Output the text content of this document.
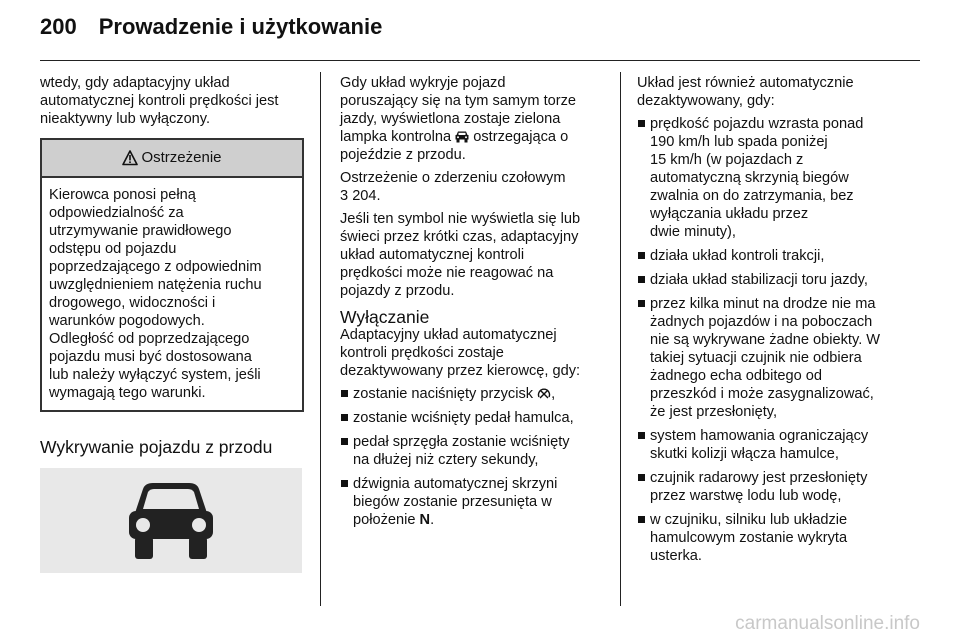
200 Prowadzenie i użytkowanie
wtedy, gdy adaptacyjny układ
automatycznej kontroli prędkości jest
nieaktywny lub wyłączony.
Ostrzeżenie
Kierowca ponosi pełną
odpowiedzialność za
utrzymywanie prawidłowego
odstępu od pojazdu
poprzedzającego z odpowiednim
uwzględnieniem natężenia ruchu
drogowego, widoczności i
warunków pogodowych.
Odległość od poprzedzającego
pojazdu musi być dostosowana
lub należy wyłączyć system, jeśli
wymagają tego warunki.
Wykrywanie pojazdu z przodu
Gdy układ wykryje pojazd
poruszający się na tym samym torze
jazdy, wyświetlona zostaje zielona
lampka kontrolna ostrzegająca o
pojeździe z przodu.
Ostrzeżenie o zderzeniu czołowym
3 204.
Jeśli ten symbol nie wyświetla się lub
świeci przez krótki czas, adaptacyjny
układ automatycznej kontroli
prędkości może nie reagować na
pojazdy z przodu.
Wyłączanie
Adaptacyjny układ automatycznej
kontroli prędkości zostaje
dezaktywowany przez kierowcę, gdy:
zostanie naciśnięty przycisk ,
zostanie wciśnięty pedał hamulca,
pedał sprzęgła zostanie wciśnięty
na dłużej niż cztery sekundy,
dźwignia automatycznej skrzyni
biegów zostanie przesunięta w
położenie N.
Układ jest również automatycznie
dezaktywowany, gdy:
prędkość pojazdu wzrasta ponad
190 km/h lub spada poniżej
15 km/h (w pojazdach z
automatyczną skrzynią biegów
zwalnia on do zatrzymania, bez
wyłączania układu przez
dwie minuty),
działa układ kontroli trakcji,
działa układ stabilizacji toru jazdy,
przez kilka minut na drodze nie ma
żadnych pojazdów i na poboczach
nie są wykrywane żadne obiekty. W
takiej sytuacji czujnik nie odbiera
żadnego echa odbitego od
przeszkód i może zasygnalizować,
że jest przesłonięty,
system hamowania ograniczający
skutki kolizji włącza hamulce,
czujnik radarowy jest przesłonięty
przez warstwę lodu lub wodę,
w czujniku, silniku lub układzie
hamulcowym zostanie wykryta
usterka.
carmanualsonline.info
